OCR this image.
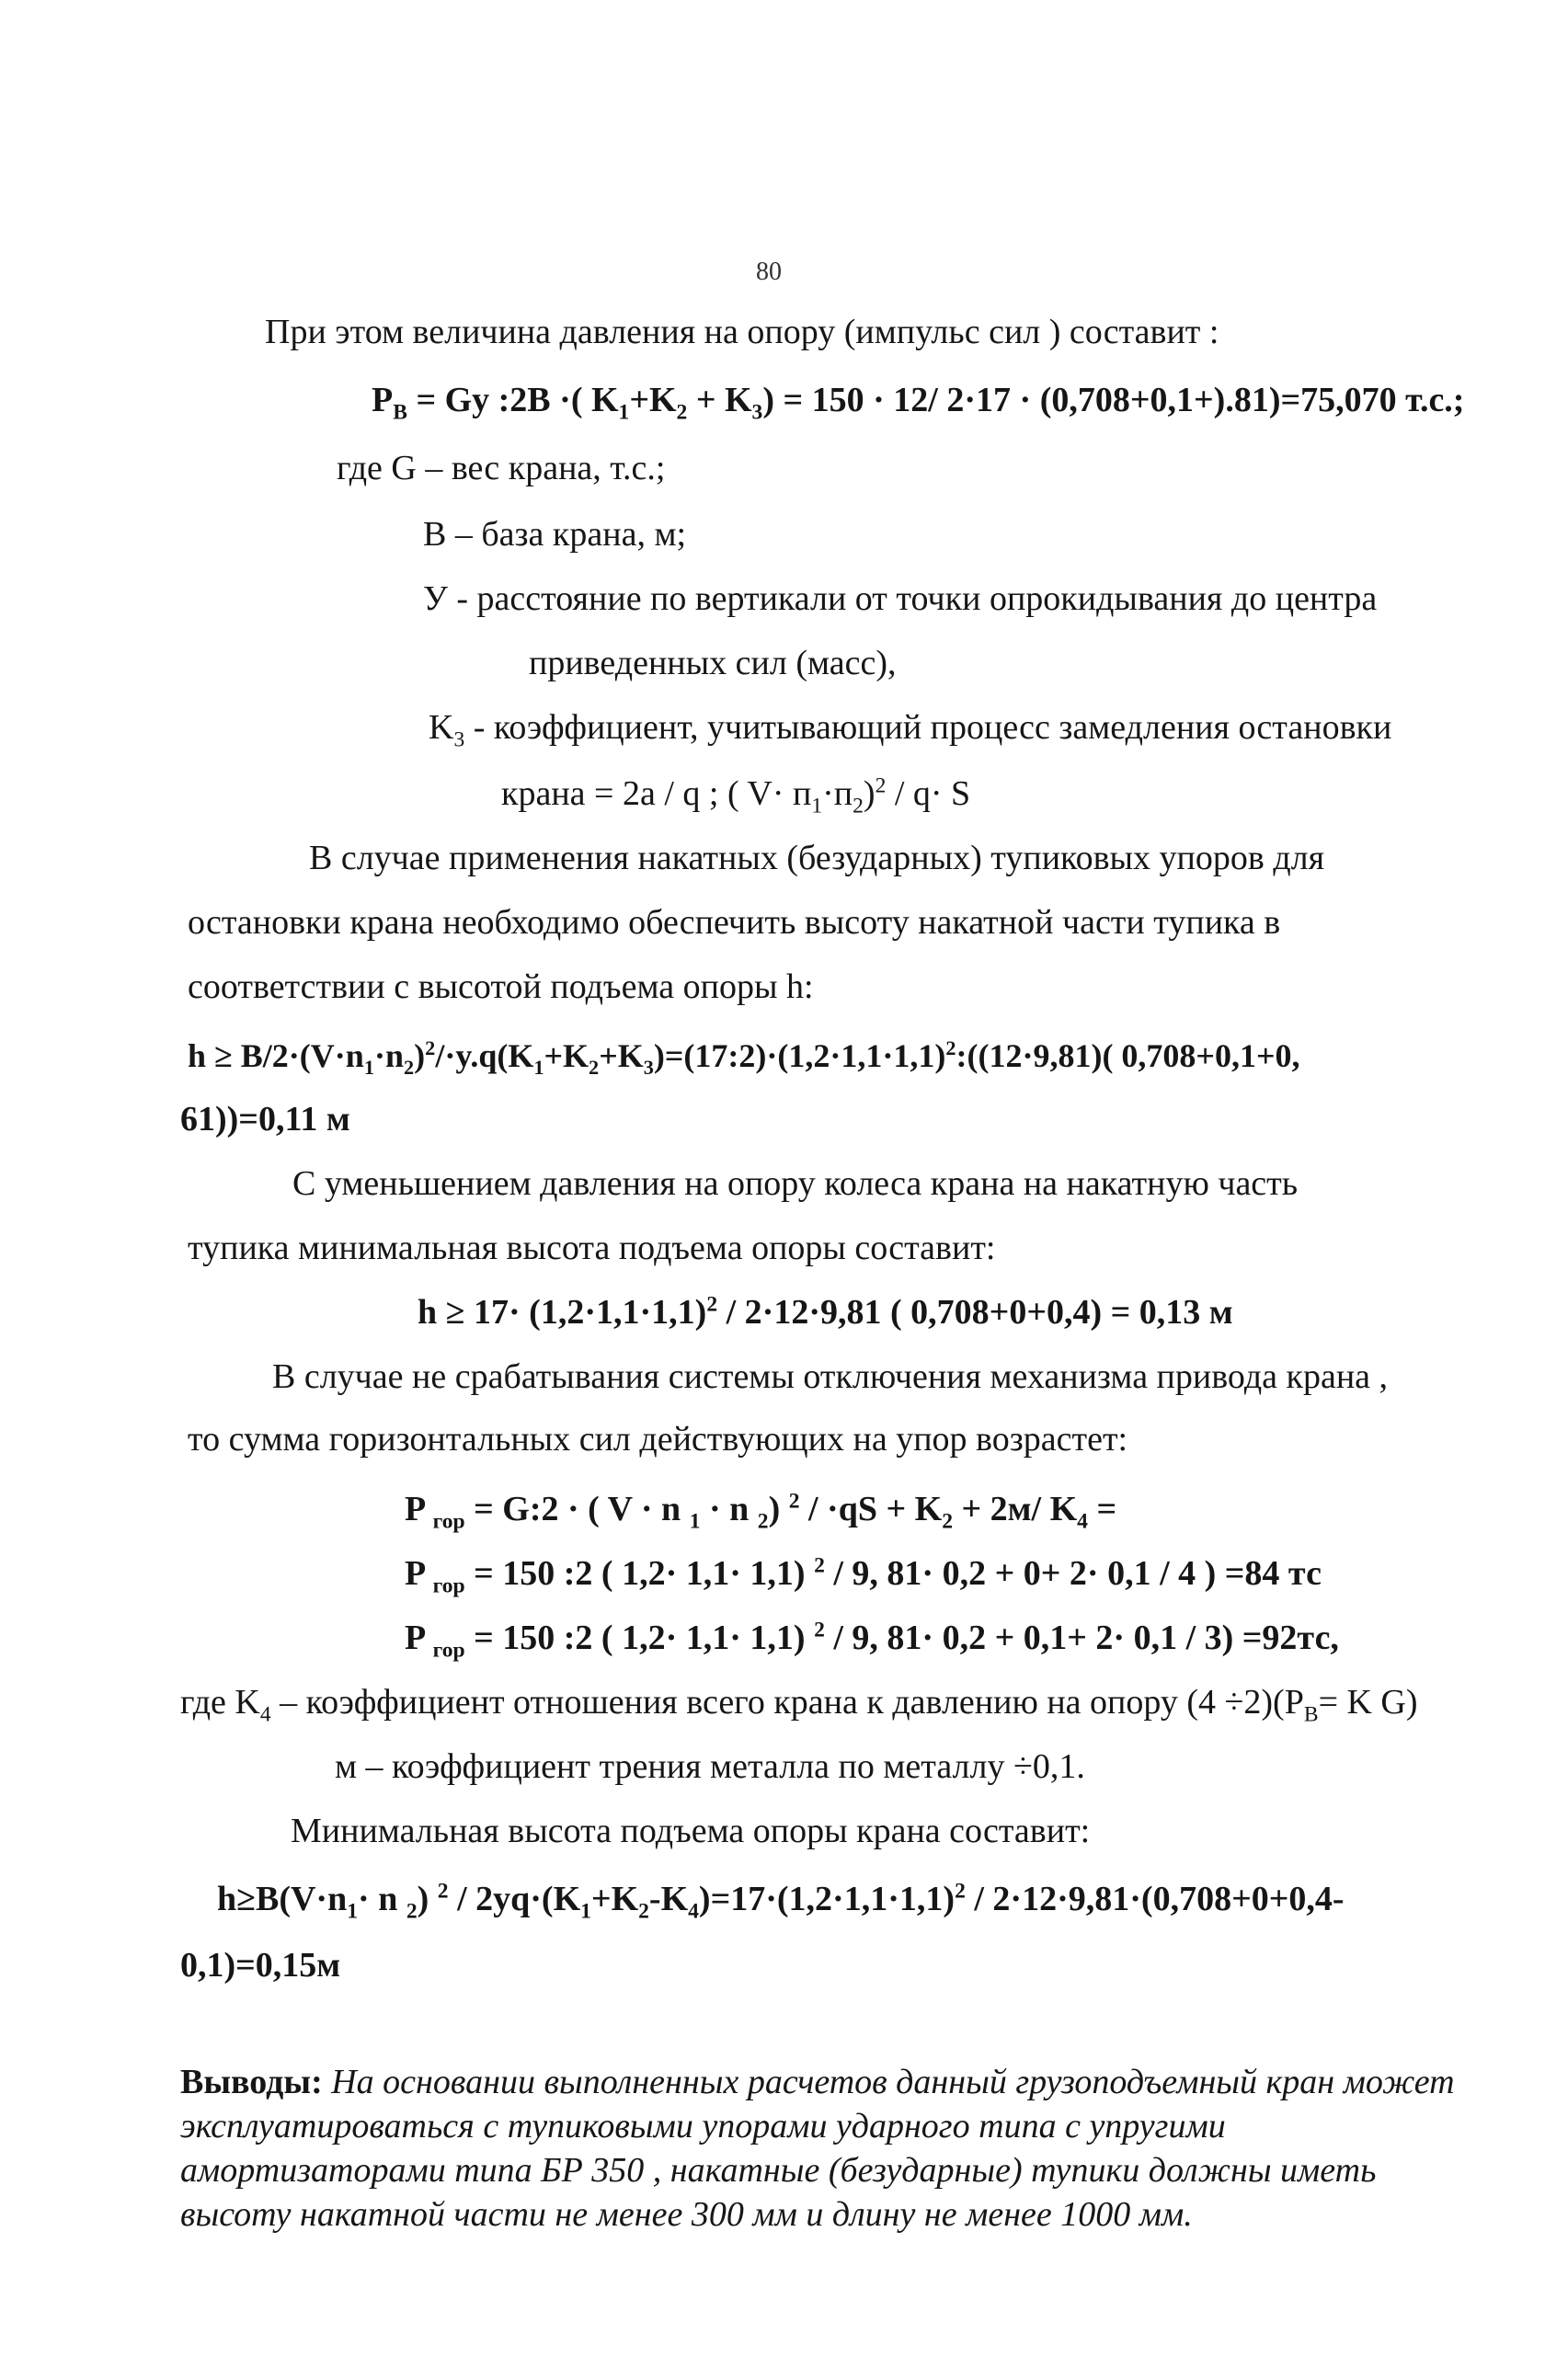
80
При этом величина давления на опору (импульс сил ) составит :
$P_B = Gy$ :2B ·( $K_1+K_2 + K_3) = 150 \cdot 12/$ 2·17 · (0,708+0,1+).81)=75,070 т.с.;
где G – вес крана, т.с.;
B – база крана, м;
У - расстояние по вертикали от точки опрокидывания до центра
приведенных сил (масс),
$K_3$ - коэффициент, учитывающий процесс замедления остановки
крана = 2a / q ; ( $V\cdot п_1\cdot п_2)^2 / q\cdot S$
В случае применения накатных (безударных) тупиковых упоров для
остановки крана необходимо обеспечить высоту накатной части тупика в
соответствии с высотой подъема опоры h:
$h \ge B/2\cdot(V\cdot n_1\cdot n_2)^2/\cdot y.q(K_1+K_2+K_3)=(17:2)\cdot(1,2\cdot 1,1\cdot 1,1)^2:((12\cdot 9,81)$( 0,708+0,1+0,
61))=0,11 м
С уменьшением давления на опору колеса крана на накатную часть
тупика минимальная высота подъема опоры составит:
$h \ge 17\cdot (1,2\cdot 1,1\cdot 1,1)^2 / 2\cdot 12\cdot 9,81$ ( 0,708+0+0,4) = 0,13 м
В случае не срабатывания системы отключения механизма привода крана ,
то сумма горизонтальных сил действующих на упор возрастет:
P $_{гор}$ = G:2 · ( V · n $_1$ · n $_2$) $^2 / \cdot qS + K_2 + 2м/$ $K_4$ =
P $_{гор}$ = 150 :2 ( 1,2· 1,1· 1,1) $^2$ / 9, 81· 0,2 + 0+ 2· 0,1 / 4 ) =84 тс
P $_{гор}$ = 150 :2 ( 1,2· 1,1· 1,1) $^2$ / 9, 81· 0,2 + 0,1+ 2· 0,1 / 3) =92тс,
где $K_4$ – коэффициент отношения всего крана к давлению на опору $(4 \div 2)(P_B= K$ G)
м – коэффициент трения металла по металлу ÷0,1.
Минимальная высота подъема опоры крана составит:
$h\ge B(V\cdot n_1\cdot n$ $_2$) $^2 / 2yq\cdot(K_1+K_2-K_4)=17\cdot(1,2\cdot 1,1\cdot 1,1)^2 / 2\cdot 12\cdot 9,81\cdot(0,708+0+0,4-$
0,1)=0,15м
Выводы: На основании выполненных расчетов данный грузоподъемный кран может эксплуатироваться с тупиковыми упорами ударного типа с упругими амортизаторами типа БР 350 , накатные (безударные) тупики должны иметь высоту накатной части не менее 300 мм и длину не менее 1000 мм.
